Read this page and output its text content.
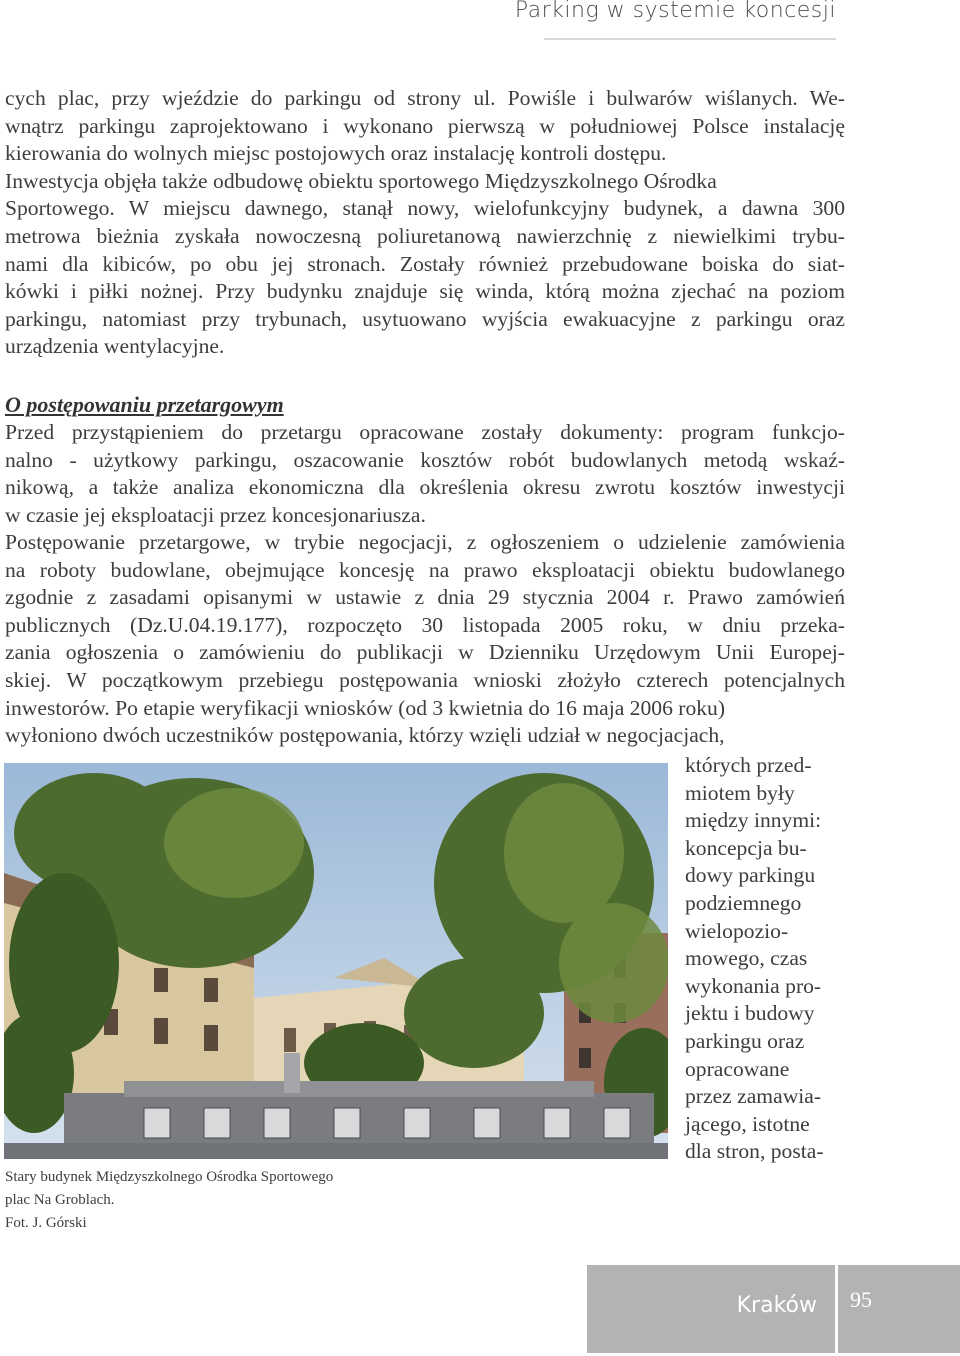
Parking w systemie koncesji
cych plac, przy wjeździe do parkingu od strony ul. Powiśle i bulwarów wiślanych. We-
wnątrz parkingu zaprojektowano i wykonano pierwszą w południowej Polsce instalację
kierowania do wolnych miejsc postojowych oraz instalację kontroli dostępu.
Inwestycja objęła także odbudowę obiektu sportowego Międzyszkolnego Ośrodka
Sportowego. W miejscu dawnego, stanął nowy, wielofunkcyjny budynek, a dawna 300
metrowa bieżnia zyskała nowoczesną poliuretanową nawierzchnię z niewielkimi trybu-
nami dla kibiców, po obu jej stronach. Zostały również przebudowane boiska do siat-
kówki i piłki nożnej. Przy budynku znajduje się winda, którą można zjechać na poziom
parkingu, natomiast przy trybunach, usytuowano wyjścia ewakuacyjne z parkingu oraz
urządzenia wentylacyjne.
O postępowaniu przetargowym
Przed przystąpieniem do przetargu opracowane zostały dokumenty: program funkcjo-
nalno - użytkowy parkingu, oszacowanie kosztów robót budowlanych metodą wskaź-
nikową, a także analiza ekonomiczna dla określenia okresu zwrotu kosztów inwestycji
w czasie jej eksploatacji przez koncesjonariusza.
Postępowanie przetargowe, w trybie negocjacji, z ogłoszeniem o udzielenie zamówienia
na roboty budowlane, obejmujące koncesję na prawo eksploatacji obiektu budowlanego
zgodnie z zasadami opisanymi w ustawie z dnia 29 stycznia 2004 r. Prawo zamówień
publicznych (Dz.U.04.19.177), rozpoczęto 30 listopada 2005 roku, w dniu przeka-
zania ogłoszenia o zamówieniu do publikacji w Dzienniku Urzędowym Unii Europej-
skiej. W początkowym przebiegu postępowania wnioski złożyło czterech potencjalnych
inwestorów. Po etapie weryfikacji wniosków (od 3 kwietnia do 16 maja 2006 roku)
wyłoniono dwóch uczestników postępowania, którzy wzięli udział w negocjacjach,
Stary budynek Międzyszkolnego Ośrodka Sportowego
plac Na Groblach.
Fot. J. Górski
których przed-
miotem były
między innymi:
koncepcja bu-
dowy parkingu
podziemnego
wielopozio-
mowego, czas
wykonania pro-
jektu i budowy
parkingu oraz
opracowane
przez zamawia-
jącego, istotne
dla stron, posta-
Kraków 95
